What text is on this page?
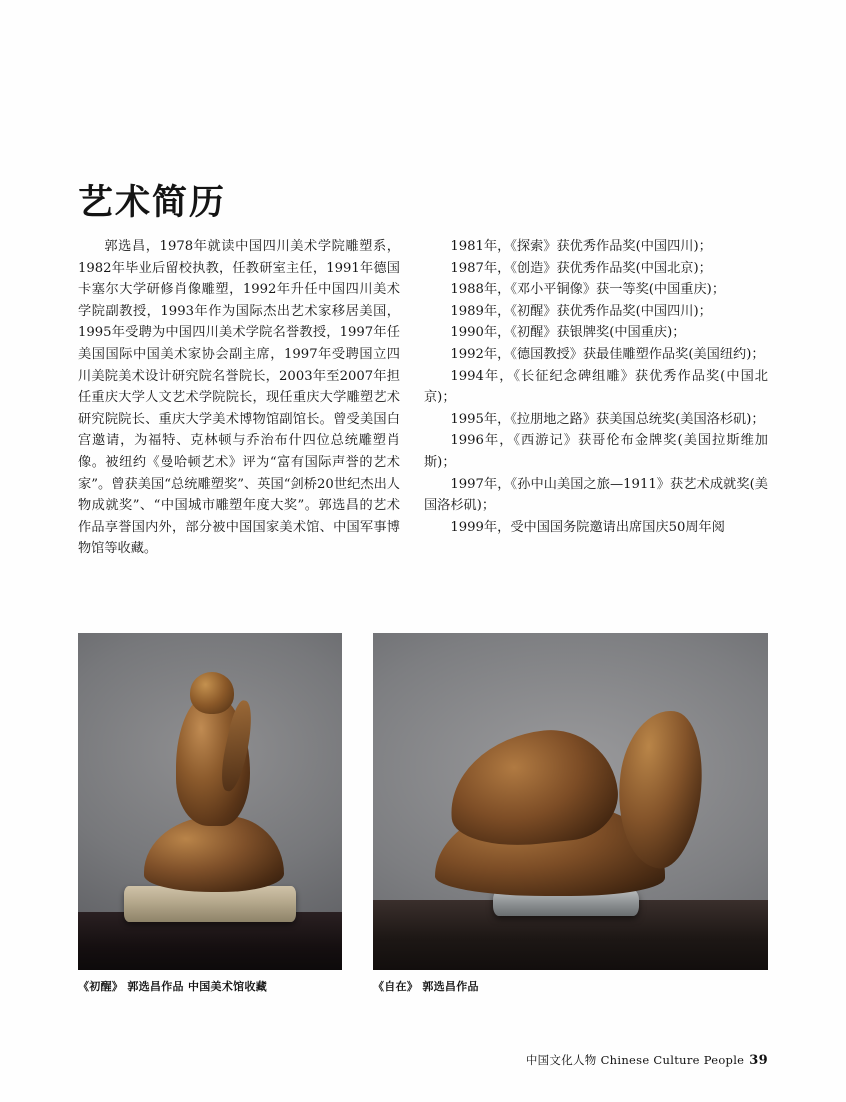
艺术简历

郭选昌，1978年就读中国四川美术学院雕塑系，1982年毕业后留校执教，任教研室主任，1991年德国卡塞尔大学研修肖像雕塑，1992年升任中国四川美术学院副教授，1993年作为国际杰出艺术家移居美国，1995年受聘为中国四川美术学院名誉教授，1997年任美国国际中国美术家协会副主席，1997年受聘国立四川美院美术设计研究院名誉院长，2003年至2007年担任重庆大学人文艺术学院院长，现任重庆大学雕塑艺术研究院院长、重庆大学美术博物馆副馆长。曾受美国白宫邀请，为福特、克林顿与乔治布什四位总统雕塑肖像。被纽约《曼哈顿艺术》评为“富有国际声誉的艺术家”。曾获美国“总统雕塑奖”、英国“剑桥20世纪杰出人物成就奖”、“中国城市雕塑年度大奖”。郭选昌的艺术作品享誉国内外，部分被中国国家美术馆、中国军事博物馆等收藏。

1981年，《探索》获优秀作品奖(中国四川)；

1987年，《创造》获优秀作品奖(中国北京)；

1988年，《邓小平铜像》获一等奖(中国重庆)；

1989年，《初醒》获优秀作品奖(中国四川)；

1990年，《初醒》获银牌奖(中国重庆)；

1992年，《德国教授》获最佳雕塑作品奖(美国纽约)；

1994年，《长征纪念碑组雕》获优秀作品奖(中国北京)；

1995年，《拉朋地之路》获美国总统奖(美国洛杉矶)；

1996年，《西游记》获哥伦布金牌奖(美国拉斯维加斯)；

1997年，《孙中山美国之旅—1911》获艺术成就奖(美国洛杉矶)；

1999年，受中国国务院邀请出席国庆50周年阅

《初醒》 郭选昌作品 中国美术馆收藏	《自在》 郭选昌作品
中国文化人物 Chinese Culture People 39
